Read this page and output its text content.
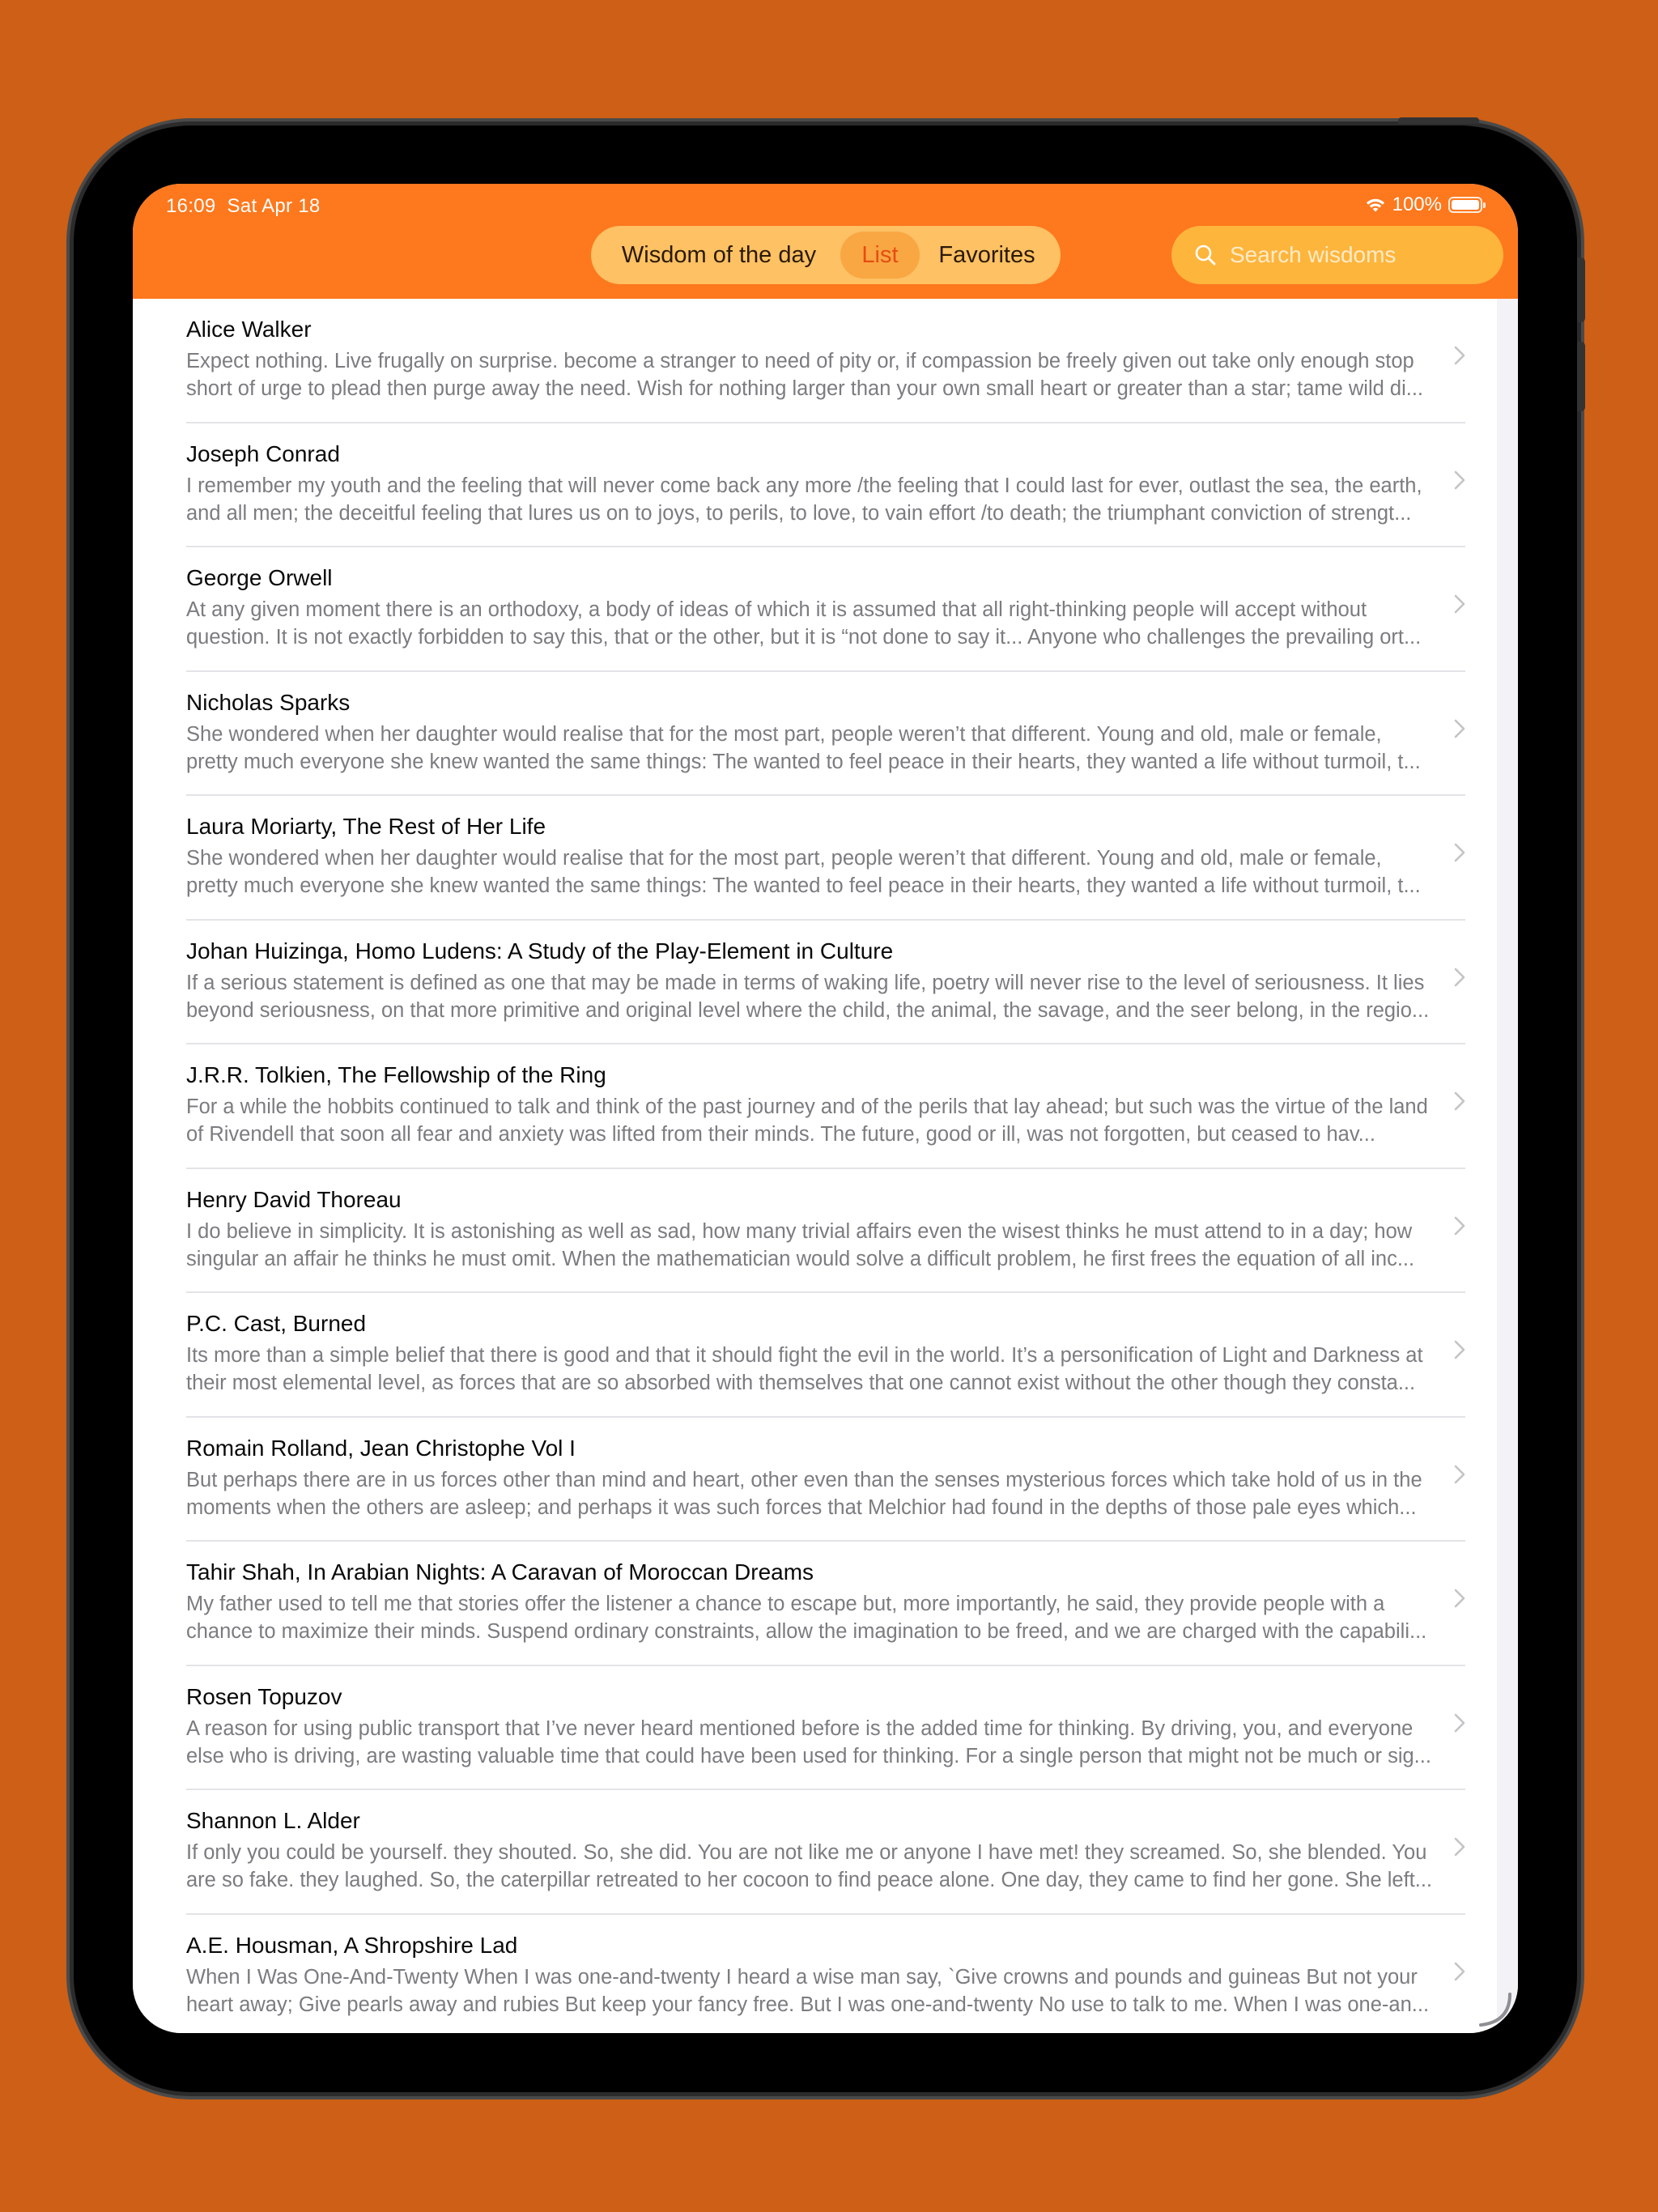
16:09 Sat Apr 18	100%
Wisdom of the day	List	Favorites
Search wisdoms
Alice Walker
Expect nothing. Live frugally on surprise. become a stranger to need of pity or, if compassion be freely given out take only enough stop short of urge to plead then purge away the need. Wish for nothing larger than your own small heart or greater than a star; tame wild di...
Joseph Conrad
I remember my youth and the feeling that will never come back any more /the feeling that I could last for ever, outlast the sea, the earth, and all men; the deceitful feeling that lures us on to joys, to perils, to love, to vain effort /to death; the triumphant conviction of strengt...
George Orwell
At any given moment there is an orthodoxy, a body of ideas of which it is assumed that all right-thinking people will accept without question. It is not exactly forbidden to say this, that or the other, but it is “not done to say it... Anyone who challenges the prevailing ort...
Nicholas Sparks
She wondered when her daughter would realise that for the most part, people weren’t that different. Young and old, male or female, pretty much everyone she knew wanted the same things: The wanted to feel peace in their hearts, they wanted a life without turmoil, t...
Laura Moriarty, The Rest of Her Life
She wondered when her daughter would realise that for the most part, people weren’t that different. Young and old, male or female, pretty much everyone she knew wanted the same things: The wanted to feel peace in their hearts, they wanted a life without turmoil, t...
Johan Huizinga, Homo Ludens: A Study of the Play-Element in Culture
If a serious statement is defined as one that may be made in terms of waking life, poetry will never rise to the level of seriousness. It lies beyond seriousness, on that more primitive and original level where the child, the animal, the savage, and the seer belong, in the regio...
J.R.R. Tolkien, The Fellowship of the Ring
For a while the hobbits continued to talk and think of the past journey and of the perils that lay ahead; but such was the virtue of the land of Rivendell that soon all fear and anxiety was lifted from their minds. The future, good or ill, was not forgotten, but ceased to hav...
Henry David Thoreau
I do believe in simplicity. It is astonishing as well as sad, how many trivial affairs even the wisest thinks he must attend to in a day; how singular an affair he thinks he must omit. When the mathematician would solve a difficult problem, he first frees the equation of all inc...
P.C. Cast, Burned
Its more than a simple belief that there is good and that it should fight the evil in the world. It’s a personification of Light and Darkness at their most elemental level, as forces that are so absorbed with themselves that one cannot exist without the other though they consta...
Romain Rolland, Jean Christophe Vol I
But perhaps there are in us forces other than mind and heart, other even than the senses mysterious forces which take hold of us in the moments when the others are asleep; and perhaps it was such forces that Melchior had found in the depths of those pale eyes which...
Tahir Shah, In Arabian Nights: A Caravan of Moroccan Dreams
My father used to tell me that stories offer the listener a chance to escape but, more importantly, he said, they provide people with a chance to maximize their minds. Suspend ordinary constraints, allow the imagination to be freed, and we are charged with the capabili...
Rosen Topuzov
A reason for using public transport that I’ve never heard mentioned before is the added time for thinking. By driving, you, and everyone else who is driving, are wasting valuable time that could have been used for thinking. For a single person that might not be much or sig...
Shannon L. Alder
If only you could be yourself. they shouted. So, she did. You are not like me or anyone I have met! they screamed. So, she blended. You are so fake. they laughed. So, the caterpillar retreated to her cocoon to find peace alone. One day, they came to find her gone. She left...
A.E. Housman, A Shropshire Lad
When I Was One-And-Twenty When I was one-and-twenty I heard a wise man say, `Give crowns and pounds and guineas But not your heart away; Give pearls away and rubies But keep your fancy free. But I was one-and-twenty No use to talk to me. When I was one-an...
